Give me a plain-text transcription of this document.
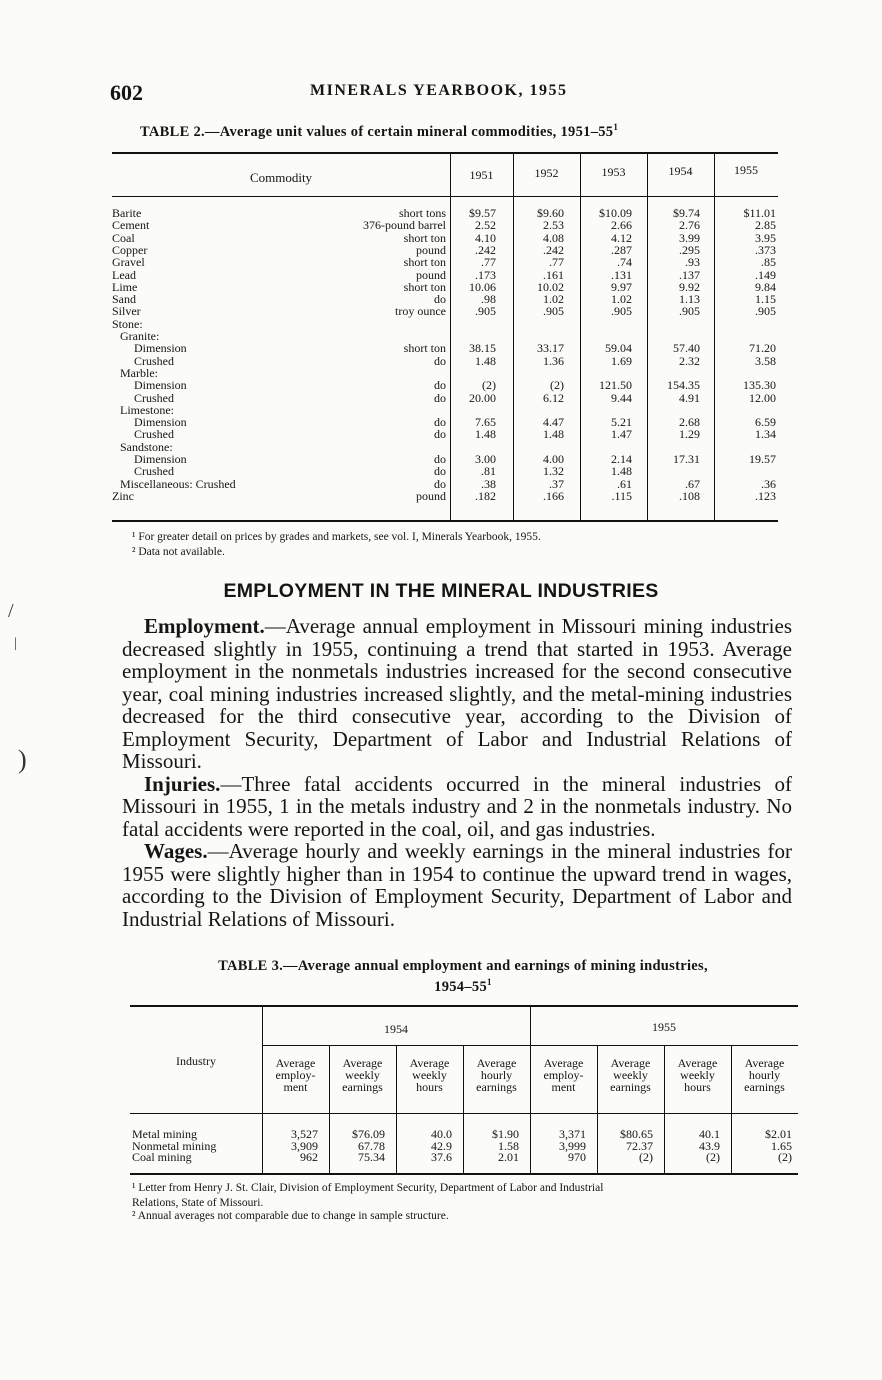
/
|
)
602	MINERALS YEARBOOK, 1955
TABLE 2.—Average unit values of certain mineral commodities, $1951-55^1$
Commodity	1951	1952	1953	1954	1955
Barite	short tons $9.57	$9.60	$10.09	$9.74	$11.01
Cement	376-pound barrel 2.52	2.53	2.66	2.76	2.85
Coal	short ton 4.10	4.08	4.12	3.99	3.95
Copper	pound .242	.242	.287	.295	.373
Gravel	short ton	.77	.77	.74	.93	.85
Lead	pound .173	.161	.131	.137	.149
Lime	short ton 10.06	10.02	9.97	9.92	9.84
Sand	do	.98	1.02	1.02	1.13	1.15
Silver	troy ounce .905	.905	.905	.905	.905
Stone:
Granite:
Dimension	short ton 38.15	33.17	59.04	57.40	71.20
Crushed	do 1.48	1.36	1.69	2.32	3.58
Marble:
Dimension	do	(2)	(2)	121.50	154.35	135.30
Crushed	do 20.00	6.12	9.44	4.91	12.00
Limestone:
Dimension	do 7.65	4.47	5.21	2.68	6.59
Crushed	do 1.48	1.48	1.47	1.29	1.34
Sandstone:
Dimension	do 3.00	4.00	2.14	17.31	19.57
Crushed	do	.81	1.32	1.48
Miscellaneous: Crushed	do	.38	.37	.61	.67	.36
Zinc	pound .182	.166	.115	.108	.123
¹ For greater detail on prices by grades and markets, see vol. I, Minerals Yearbook, 1955.
² Data not available.
EMPLOYMENT IN THE MINERAL INDUSTRIES

Employment.—Average annual employment in Missouri mining industries decreased slightly in 1955, continuing a trend that started in 1953. Average employment in the nonmetals industries increased for the second consecutive year, coal mining industries increased slightly, and the metal-mining industries decreased for the third consecutive year, according to the Division of Employment Security, Department of Labor and Industrial Relations of Missouri.

Injuries.—Three fatal accidents occurred in the mineral industries of Missouri in 1955, 1 in the metals industry and 2 in the nonmetals industry. No fatal accidents were reported in the coal, oil, and gas industries.

Wages.—Average hourly and weekly earnings in the mineral industries for 1955 were slightly higher than in 1954 to continue the upward trend in wages, according to the Division of Employment Security, Department of Labor and Industrial Relations of Missouri.

TABLE 3.—Average annual employment and earnings of mining industries,
$1954-55^1$
Industry
1954	1955
Average employ-ment
Average weekly earnings
Average weekly hours
Average hourly earnings
Average employ-ment
Average weekly earnings
Average weekly hours
Average hourly earnings
Metal mining	3,527	$76.09	40.0	$1.90	3,371	$80.65	40.1	$2.01
Nonmetal mining	3,909	67.78	42.9	1.58	3,999	72.37	43.9	1.65
Coal mining	962	75.34	37.6	2.01	970	(2)	(2)	(2)
¹ Letter from Henry J. St. Clair, Division of Employment Security, Department of Labor and Industrial
Relations, State of Missouri.
² Annual averages not comparable due to change in sample structure.
